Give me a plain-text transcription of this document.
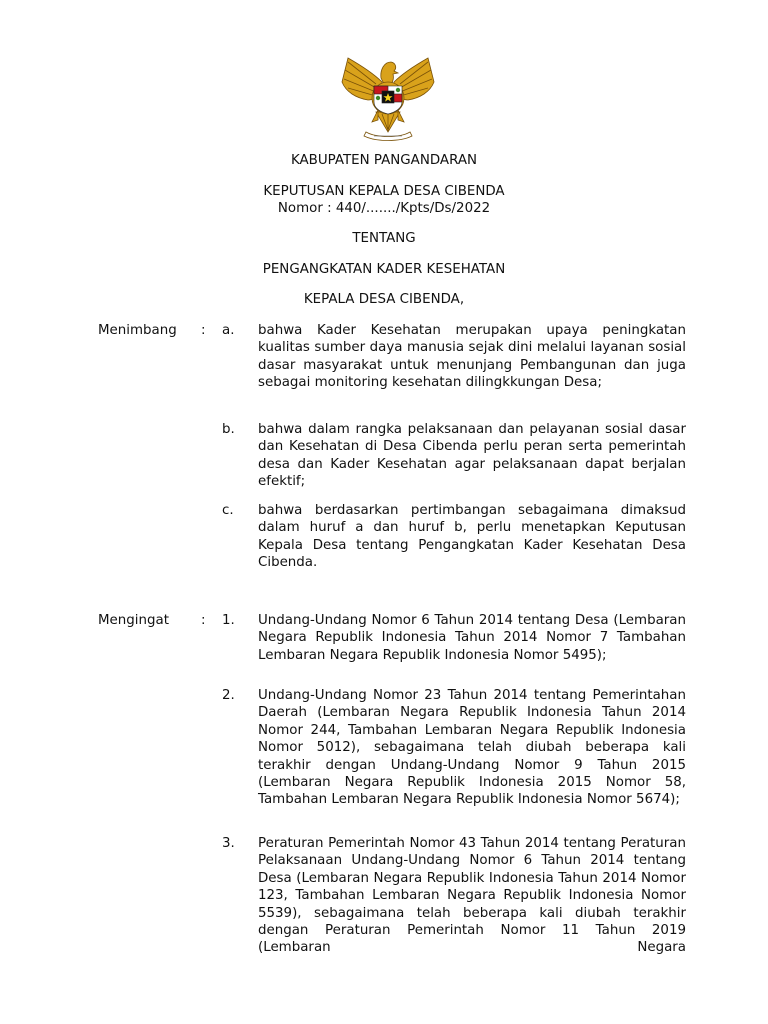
KABUPATEN PANGANDARAN

KEPUTUSAN KEPALA DESA CIBENDA

Nomor : 440/......./Kpts/Ds/2022

TENTANG

PENGANGKATAN KADER KESEHATAN

KEPALA DESA CIBENDA,

Menimbang : a. bahwa Kader Kesehatan merupakan upaya peningkatan kualitas sumber daya manusia sejak dini melalui layanan sosial dasar masyarakat untuk menunjang Pembangunan dan juga sebagai monitoring kesehatan dilingkkungan Desa;

b. bahwa dalam rangka pelaksanaan dan pelayanan sosial dasar dan Kesehatan di Desa Cibenda perlu peran serta pemerintah desa dan Kader Kesehatan agar pelaksanaan dapat berjalan efektif;

c. bahwa berdasarkan pertimbangan sebagaimana dimaksud dalam huruf a dan huruf b, perlu menetapkan Keputusan Kepala Desa tentang Pengangkatan Kader Kesehatan Desa Cibenda.

Mengingat : 1. Undang-Undang Nomor 6 Tahun 2014 tentang Desa (Lembaran Negara Republik Indonesia Tahun 2014 Nomor 7 Tambahan Lembaran Negara Republik Indonesia Nomor 5495);

2. Undang-Undang Nomor 23 Tahun 2014 tentang Pemerintahan Daerah (Lembaran Negara Republik Indonesia Tahun 2014 Nomor 244, Tambahan Lembaran Negara Republik Indonesia Nomor 5012), sebagaimana telah diubah beberapa kali terakhir dengan Undang-Undang Nomor 9 Tahun 2015 (Lembaran Negara Republik Indonesia 2015 Nomor 58, Tambahan Lembaran Negara Republik Indonesia Nomor 5674);

3. Peraturan Pemerintah Nomor 43 Tahun 2014 tentang Peraturan Pelaksanaan Undang-Undang Nomor 6 Tahun 2014 tentang Desa (Lembaran Negara Republik Indonesia Tahun 2014 Nomor 123, Tambahan Lembaran Negara Republik Indonesia Nomor 5539), sebagaimana telah beberapa kali diubah terakhir dengan Peraturan Pemerintah Nomor 11 Tahun 2019 (Lembaran Negara
